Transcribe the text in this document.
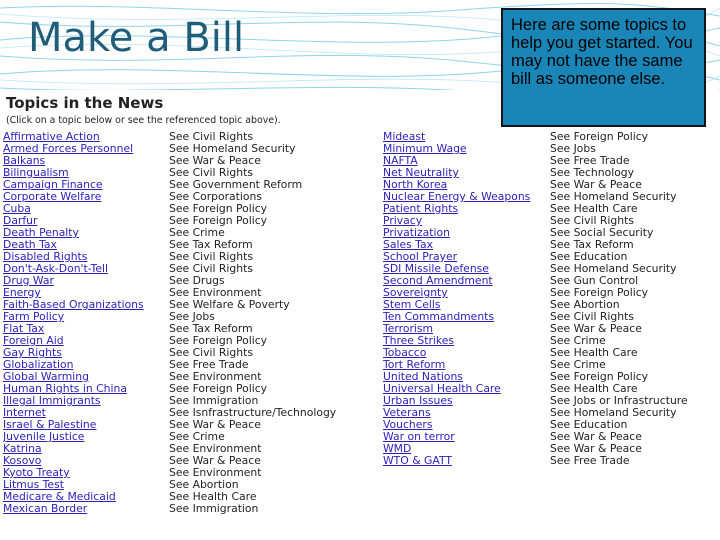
Make a Bill	Here are some topics to help you get started. You may not have the same bill as someone else.
Topics in the News

(Click on a topic below or see the referenced topic above).

Affirmative Action	See Civil Rights
Armed Forces Personnel	See Homeland Security
Balkans	See War & Peace
Bilingualism	See Civil Rights
Campaign Finance	See Government Reform
Corporate Welfare	See Corporations
Cuba	See Foreign Policy
Darfur	See Foreign Policy
Death Penalty	See Crime
Death Tax	See Tax Reform
Disabled Rights	See Civil Rights
Don't-Ask-Don't-Tell	See Civil Rights
Drug War	See Drugs
Energy	See Environment
Faith-Based Organizations	See Welfare & Poverty
Farm Policy	See Jobs
Flat Tax	See Tax Reform
Foreign Aid	See Foreign Policy
Gay Rights	See Civil Rights
Globalization	See Free Trade
Global Warming	See Environment
Human Rights in China	See Foreign Policy
Illegal Immigrants	See Immigration
Internet	See Isnfrastructure/Technology
Israel & Palestine	See War & Peace
Juvenile Justice	See Crime
Katrina	See Environment
Kosovo	See War & Peace
Kyoto Treaty	See Environment
Litmus Test	See Abortion
Medicare & Medicaid	See Health Care
Mexican Border	See Immigration
Mideast	See Foreign Policy
Minimum Wage	See Jobs
NAFTA	See Free Trade
Net Neutrality	See Technology
North Korea	See War & Peace
Nuclear Energy & Weapons	See Homeland Security
Patient Rights	See Health Care
Privacy	See Civil Rights
Privatization	See Social Security
Sales Tax	See Tax Reform
School Prayer	See Education
SDI Missile Defense	See Homeland Security
Second Amendment	See Gun Control
Sovereignty	See Foreign Policy
Stem Cells	See Abortion
Ten Commandments	See Civil Rights
Terrorism	See War & Peace
Three Strikes	See Crime
Tobacco	See Health Care
Tort Reform	See Crime
United Nations	See Foreign Policy
Universal Health Care	See Health Care
Urban Issues	See Jobs or Infrastructure
Veterans	See Homeland Security
Vouchers	See Education
War on terror	See War & Peace
WMD	See War & Peace
WTO & GATT	See Free Trade
